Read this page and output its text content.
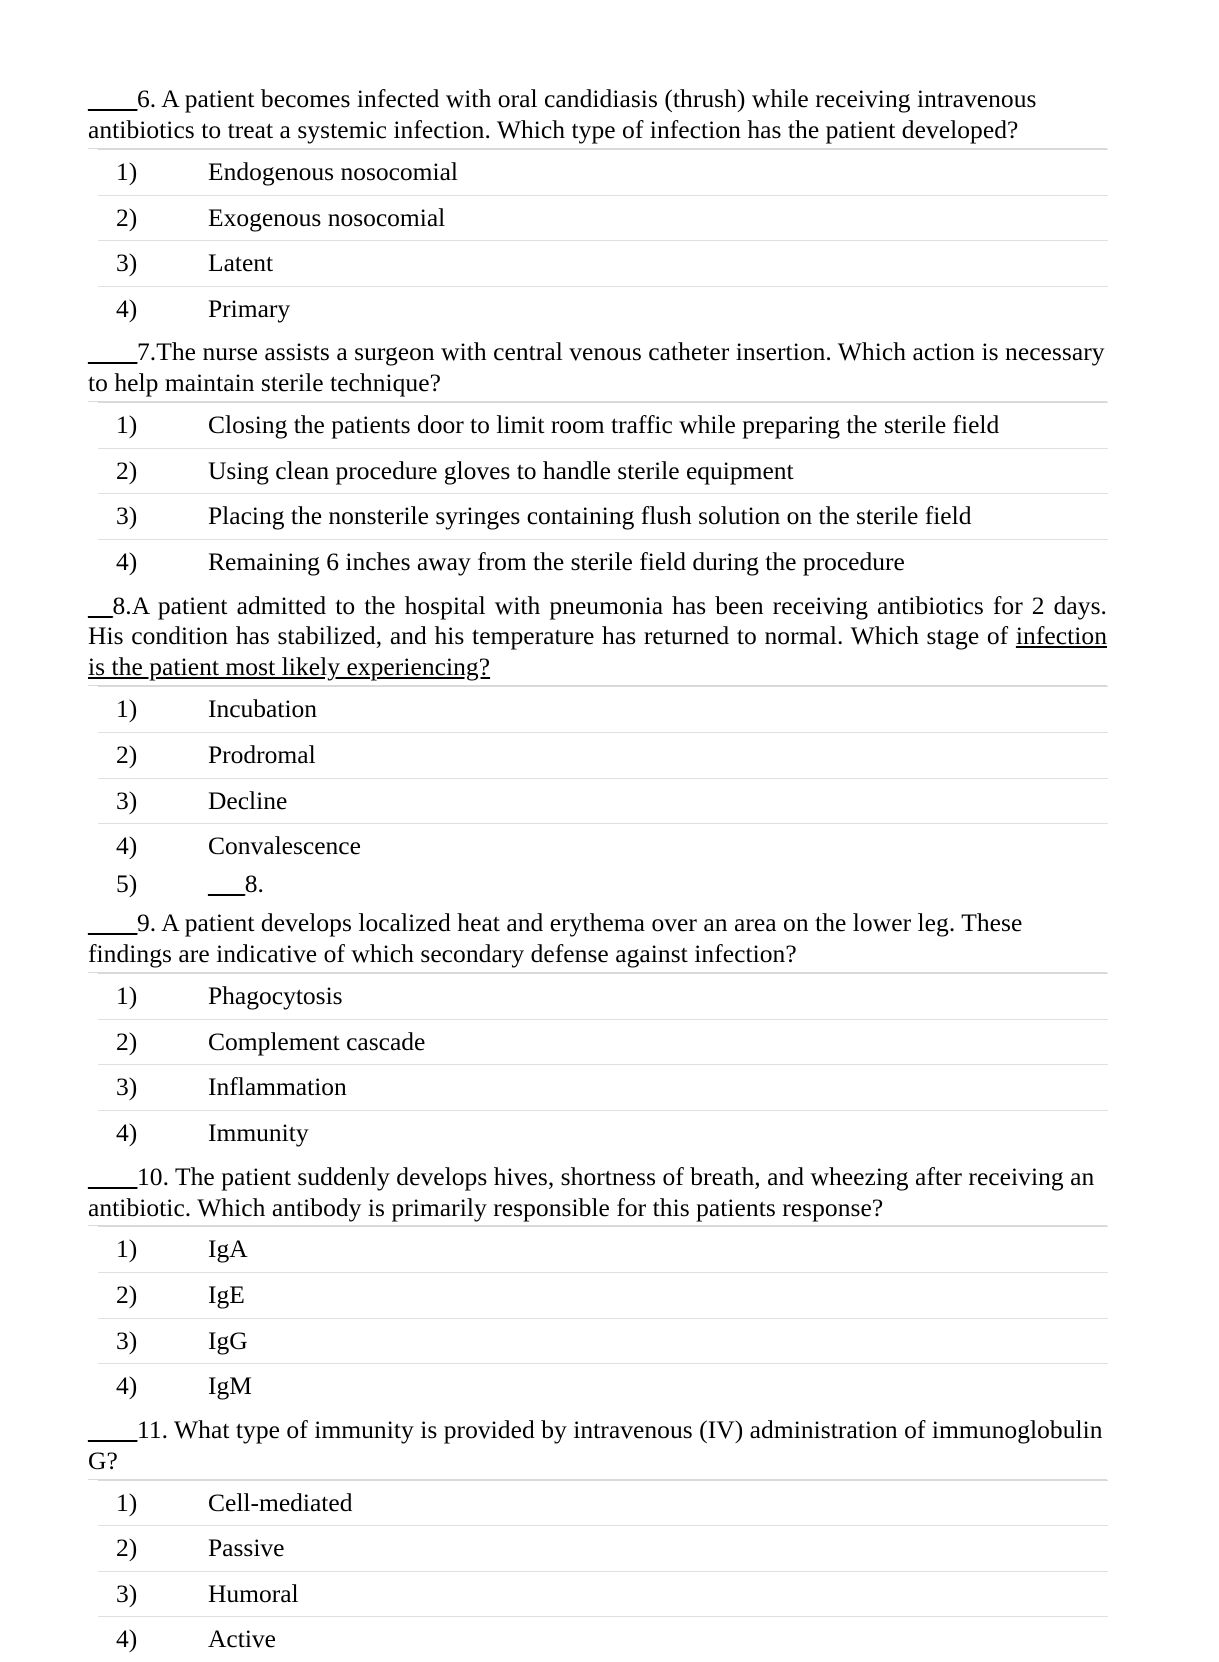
____6. A patient becomes infected with oral candidiasis (thrush) while receiving intravenous antibiotics to treat a systemic infection. Which type of infection has the patient developed?
1)	Endogenous nosocomial
2)	Exogenous nosocomial
3)	Latent
4)	Primary
____7.The nurse assists a surgeon with central venous catheter insertion. Which action is necessary to help maintain sterile technique?
1)	Closing the patients door to limit room traffic while preparing the sterile field
2)	Using clean procedure gloves to handle sterile equipment
3)	Placing the nonsterile syringes containing flush solution on the sterile field
4)	Remaining 6 inches away from the sterile field during the procedure
__8.A patient admitted to the hospital with pneumonia has been receiving antibiotics for 2 days. His condition has stabilized, and his temperature has returned to normal. Which stage of infection is the patient most likely experiencing?
1)	Incubation
2)	Prodromal
3)	Decline
4)	Convalescence
5)	___8.
____9. A patient develops localized heat and erythema over an area on the lower leg. These findings are indicative of which secondary defense against infection?
1)	Phagocytosis
2)	Complement cascade
3)	Inflammation
4)	Immunity
____10. The patient suddenly develops hives, shortness of breath, and wheezing after receiving an antibiotic. Which antibody is primarily responsible for this patients response?
1)	IgA
2)	IgE
3)	IgG
4)	IgM
____11. What type of immunity is provided by intravenous (IV) administration of immunoglobulin G?
1)	Cell-mediated
2)	Passive
3)	Humoral
4)	Active
